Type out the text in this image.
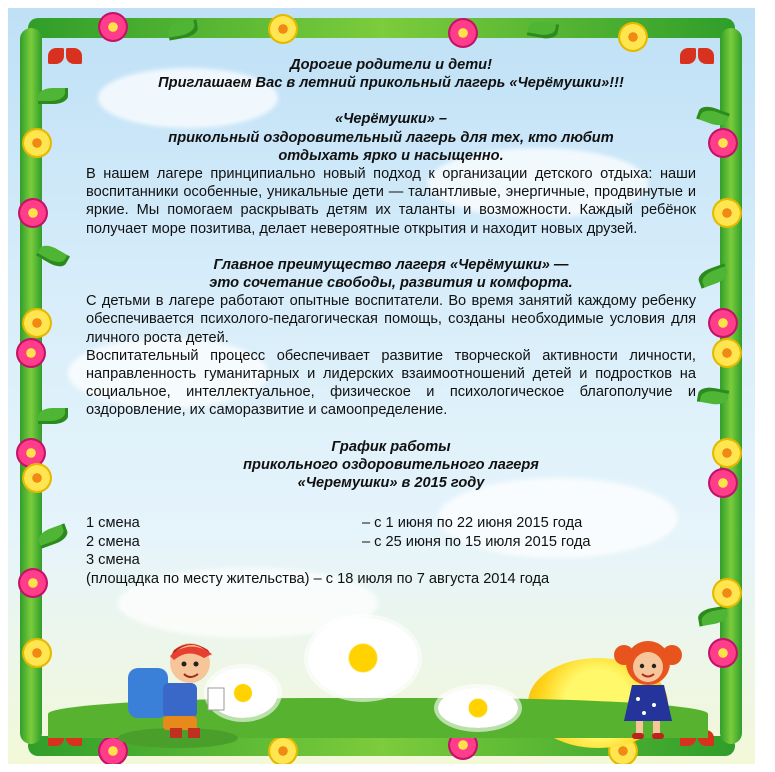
Дорогие родители и дети!
Приглашаем Вас в летний прикольный лагерь «Черёмушки»!!!
«Черёмушки» –
прикольный оздоровительный лагерь для тех, кто любит
отдыхать ярко и насыщенно.
В нашем лагере принципиально новый подход к организации детского отдыха: наши воспитанники особенные, уникальные дети — талантливые, энергичные, продвинутые и яркие. Мы помогаем раскрывать детям их таланты и возможности. Каждый ребёнок получает море позитива, делает невероятные открытия и находит новых друзей.
Главное преимущество лагеря «Черёмушки» —
это сочетание свободы, развития и комфорта.
С детьми в лагере работают опытные воспитатели. Во время занятий каждому ребенку обеспечивается психолого-педагогическая помощь, созданы необходимые условия для личного роста детей.
Воспитательный процесс обеспечивает развитие творческой активности личности, направленность гуманитарных и лидерских взаимоотношений детей и подростков на социальное, интеллектуальное, физическое и психологическое благополучие и оздоровление, их саморазвитие и самоопределение.
График работы
прикольного оздоровительного лагеря
«Черемушки» в 2015 году
1 смена	– с 1 июня по 22 июня 2015 года
2 смена	– с 25 июня по 15 июля 2015 года
3 смена
(площадка по месту жительства) – с 18 июля по 7 августа 2014 года
